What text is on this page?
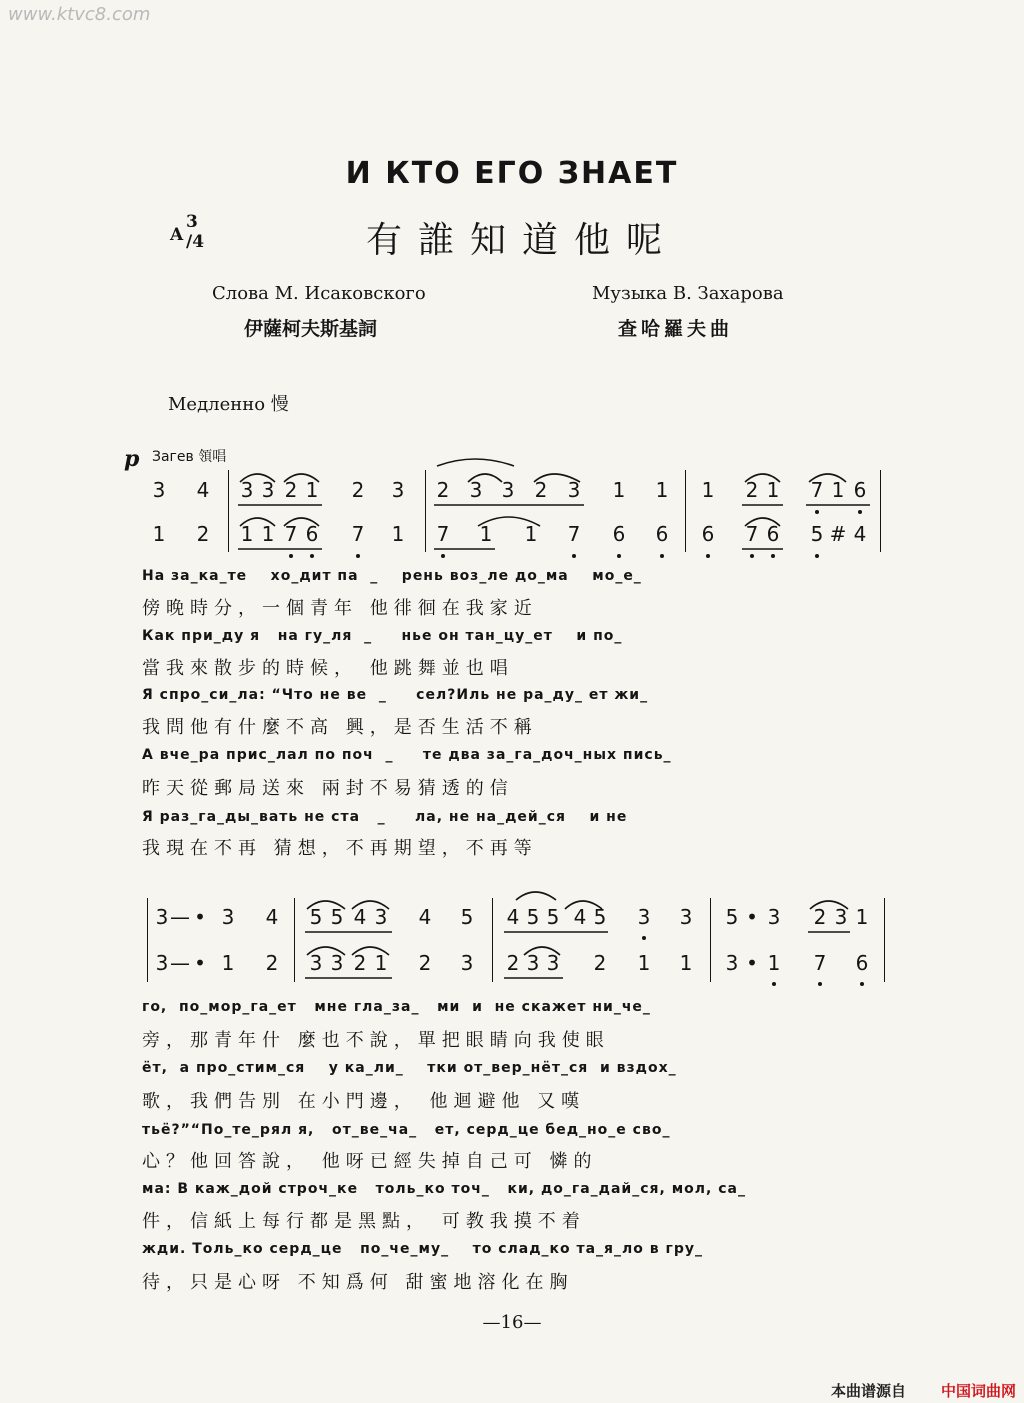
www.ktvc8.com
И КТО ЕГО ЗНАЕТ
A
3
/4	有誰知道他呢
Слова М. Исаковского	Музыка В. Захарова
伊薩柯夫斯基詞	查哈羅夫曲
Медленно 慢
p Загев 領唱
3 4 3 3 2 1 2 3 2 3 3 2 3 1 1 1 2 1 7 1 6
1 2 1 1 7 6 7 1 7 1 1 7 6 6 6 7 6 5 # 4
На за_ка_те    хо_дит па  _    рень воз_ле до_ма    мо_е_
傍晚時分，一個青年 他徘徊在我家近
Как при_ду я   на гу_ля  _     нье он тан_цу_ет    и по_
當我來散步的時候， 他跳舞並也唱
Я спро_си_ла: “Что не ве  _     сел?Иль не ра_ду_ ет жи_
我問他有什麼不高 興，是否生活不稱
А вче_ра прис_лал по поч  _     те два за_га_доч_ных пись_
昨天從郵局送來 兩封不易猜透的信
Я раз_га_ды_вать не ста   _     ла, не на_дей_ся    и не
我現在不再 猜想，不再期望，不再等
3 — • 3 4 5 5 4 3 4 5 4 5 5 4 5 3 3 5 • 3 2 3 1
3 — • 1 2 3 3 2 1 2 3 2 3 3 2 1 1 3 • 1 7 6
го,  по_мор_га_ет   мне гла_за_   ми  и  не скажет ни_че_
旁，那青年什 麼也不說，單把眼睛向我使眼
ёт,  а про_стим_ся    у ка_ли_    тки от_вер_нёт_ся  и вздох_
歌，我們告別 在小門邊， 他迴避他 又嘆
тьё?”“По_те_рял я,   от_ве_ча_   ет, серд_це бед_но_е сво_
心？他回答說， 他呀已經失掉自己可 憐的
ма: В каж_дой строч_ке   толь_ко точ_   ки, до_га_дай_ся, мол, са_
件，信紙上每行都是黑點， 可教我摸不着
жди. Толь_ко серд_це   по_че_му_    то слад_ко та_я_ло в гру_
待，只是心呀 不知爲何 甜蜜地溶化在胸
—16—
本曲谱源自 中国词曲网
